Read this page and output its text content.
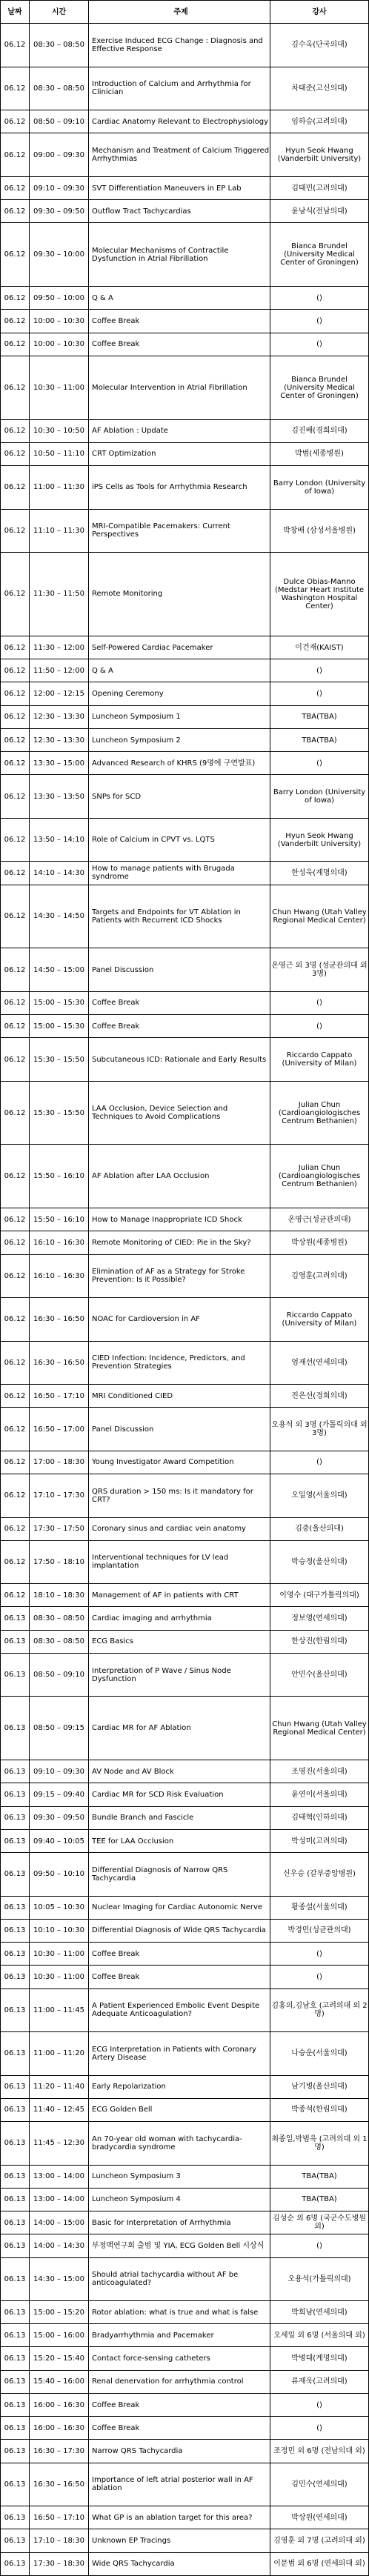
날짜	시간	주제	강사
06.12	08:30 – 08:50	Exercise Induced ECG Change : Diagnosis and Effective Response	김수옥(단국의대)
06.12	08:30 – 08:50	Introduction of Calcium and Arrhythmia for Clinician	차태준(고신의대)
06.12	08:50 – 09:10	Cardiac Anatomy Relevant to Electrophysiology	임하승(고려의대)
06.12	09:00 – 09:30	Mechanism and Treatment of Calcium Triggered Arrhythmias
Hyun Seok Hwang (Vanderbilt University)
06.12	09:10 – 09:30	SVT Differentiation Maneuvers in EP Lab	김태민(고려의대)
06.12	09:30 – 09:50	Outflow Tract Tachycardias	윤남식(전남의대)
06.12	09:30 – 10:00	Molecular Mechanisms of Contractile Dysfunction in Atrial Fibrillation
Bianca Brundel (University Medical Center of Groningen)
06.12	09:50 – 10:00	Q & A	()
06.12	10:00 – 10:30	Coffee Break	()
06.12	10:00 – 10:30	Coffee Break	()
06.12	10:30 – 11:00	Molecular Intervention in Atrial Fibrillation
Bianca Brundel (University Medical Center of Groningen)
06.12	10:30 – 10:50	AF Ablation : Update	김진배(경희의대)
06.12	10:50 – 11:10	CRT Optimization	박범(세종병원)
06.12	11:00 – 11:30	iPS Cells as Tools for Arrhythmia Research	Barry London (University of Iowa)
06.12	11:10 – 11:30	MRI-Compatible Pacemakers: Current Perspectives	박창배 (삼성서울병원)
06.12	11:30 – 11:50	Remote Monitoring
Dulce Obias-Manno (Medstar Heart Institute Washington Hospital Center)
06.12	11:30 – 12:00	Self-Powered Cardiac Pacemaker	이건재(KAIST)
06.12	11:50 – 12:00	Q & A	()
06.12	12:00 – 12:15	Opening Ceremony	()
06.12	12:30 – 13:30	Luncheon Symposium 1	TBA(TBA)
06.12	12:30 – 13:30	Luncheon Symposium 2	TBA(TBA)
06.12	13:30 – 15:00	Advanced Research of KHRS (9명에 구연발표)	()
06.12	13:30 – 13:50	SNPs for SCD	Barry London (University of Iowa)
06.12	13:50 – 14:10	Role of Calcium in CPVT vs. LQTS	Hyun Seok Hwang (Vanderbilt University)
06.12	14:10 – 14:30	How to manage patients with Brugada syndrome	한성욱(계명의대)
06.12	14:30 – 14:50	Targets and Endpoints for VT Ablation in Patients with Recurrent ICD Shocks
Chun Hwang (Utah Valley Regional Medical Center)
06.12	14:50 – 15:00	Panel Discussion	온영근 외 3명 (성균관의대 외 3명)
06.12	15:00 – 15:30	Coffee Break	()
06.12	15:00 – 15:30	Coffee Break	()
06.12	15:30 – 15:50	Subcutaneous ICD: Rationale and Early Results	Riccardo Cappato (University of Milan)
06.12	15:30 – 15:50	LAA Occlusion, Device Selection and Techniques to Avoid Complications
Julian Chun (Cardioangiologisches Centrum Bethanien)
06.12	15:50 – 16:10	AF Ablation after LAA Occlusion
Julian Chun (Cardioangiologisches Centrum Bethanien)
06.12	15:50 – 16:10	How to Manage Inappropriate ICD Shock	온영근(성균관의대)
06.12	16:10 – 16:30	Remote Monitoring of CIED: Pie in the Sky?	박상원(세종병원)
06.12	16:10 – 16:30	Elimination of AF as a Strategy for Stroke Prevention: Is it Possible?	김영훈(고려의대)
06.12	16:30 – 16:50	NOAC for Cardioversion in AF	Riccardo Cappato (University of Milan)
06.12	16:30 – 16:50	CIED Infection: Incidence, Predictors, and Prevention Strategies	엄재선(연세의대)
06.12	16:50 – 17:10	MRI Conditioned CIED	진은선(경희의대)
06.12	16:50 – 17:00	Panel Discussion	오용석 외 3명 (가톨릭의대 외 3명)
06.12	17:00 – 18:30	Young Investigator Award Competition	()
06.12	17:10 – 17:30	QRS duration > 150 ms: Is it mandatory for CRT?	오일영(서울의대)
06.12	17:30 – 17:50	Coronary sinus and cardiac vein anatomy	김중(울산의대)
06.12	17:50 – 18:10	Interventional techniques for LV lead implantation	박승정(울산의대)
06.12	18:10 – 18:30	Management of AF in patients with CRT	이영수 (대구가톨릭의대)
06.13	08:30 – 08:50	Cardiac imaging and arrhythmia	정보영(연세의대)
06.13	08:30 – 08:50	ECG Basics	한상진(한림의대)
06.13	08:50 – 09:10	Interpretation of P Wave / Sinus Node Dysfunction	안민수(울산의대)
06.13	08:50 – 09:15	Cardiac MR for AF Ablation	Chun Hwang (Utah Valley Regional Medical Center)
06.13	09:10 – 09:30	AV Node and AV Block	조영진(서울의대)
06.13	09:15 – 09:40	Cardiac MR for SCD Risk Evaluation	윤연이(서울의대)
06.13	09:30 – 09:50	Bundle Branch and Fascicle	김태혁(인하의대)
06.13	09:40 – 10:05	TEE for LAA Occlusion	박성미(고려의대)
06.13	09:50 – 10:10	Differential Diagnosis of Narrow QRS Tachycardia	신우승 (갈부중앙병원)
06.13	10:05 – 10:30	Nuclear Imaging for Cardiac Autonomic Nerve	황종설(서울의대)
06.13	10:10 – 10:30	Differential Diagnosis of Wide QRS Tachycardia	박경민(성균관의대)
06.13	10:30 – 11:00	Coffee Break	()
06.13	10:30 – 11:00	Coffee Break	()
06.13	11:00 – 11:45	A Patient Experienced Embolic Event Despite Adequate Anticoagulation?
김홍의,김남호 (고려의대 외 2명)
06.13	11:00 – 11:20	ECG Interpretation in Patients with Coronary Artery Disease	나승운(서울의대)
06.13	11:20 – 11:40	Early Repolarization	남기병(울산의대)
06.13	11:40 – 12:45	ECG Golden Bell	박종석(한림의대)
06.13	11:45 – 12:30	An 70-year old woman with tachycardia-bradycardia syndrome
최종일,박범욱 (고려의대 외 1명)
06.13	13:00 – 14:00	Luncheon Symposium 3	TBA(TBA)
06.13	13:00 – 14:00	Luncheon Symposium 4	TBA(TBA)
06.13	14:00 – 15:00	Basic for Interpretation of Arrhythmia	김성순 외 6명 (국군수도병원 외)
06.13	14:00 – 14:30	부정맥연구회 출범 및 YIA, ECG Golden Bell 시상식	()
06.13	14:30 – 15:00	Should atrial tachycardia without AF be anticoagulated?	오용석(가톨릭의대)
06.13	15:00 – 15:20	Rotor ablation: what is true and what is false	박희남(연세의대)
06.13	15:00 – 16:00	Bradyarrhythmia and Pacemaker	오세일 외 6명 (서울의대 외)
06.13	15:20 – 15:40	Contact force-sensing catheters	박병대(계명의대)
06.13	15:40 – 16:00	Renal denervation for arrhythmia control	류재욱(고려의대)
06.13	16:00 – 16:30	Coffee Break	()
06.13	16:00 – 16:30	Coffee Break	()
06.13	16:30 – 17:30	Narrow QRS Tachycardia	조정민 외 6명 (전남의대 외)
06.13	16:30 – 16:50	Importance of left atrial posterior wall in AF ablation	김민수(연세의대)
06.13	16:50 – 17:10	What GP is an ablation target for this area?	박상원(연세의대)
06.13	17:10 – 18:30	Unknown EP Tracings	김영훈 외 7명 (고려의대 외)
06.13	17:30 – 18:30	Wide QRS Tachycardia	이문범 외 6명 (연세의대 외)
